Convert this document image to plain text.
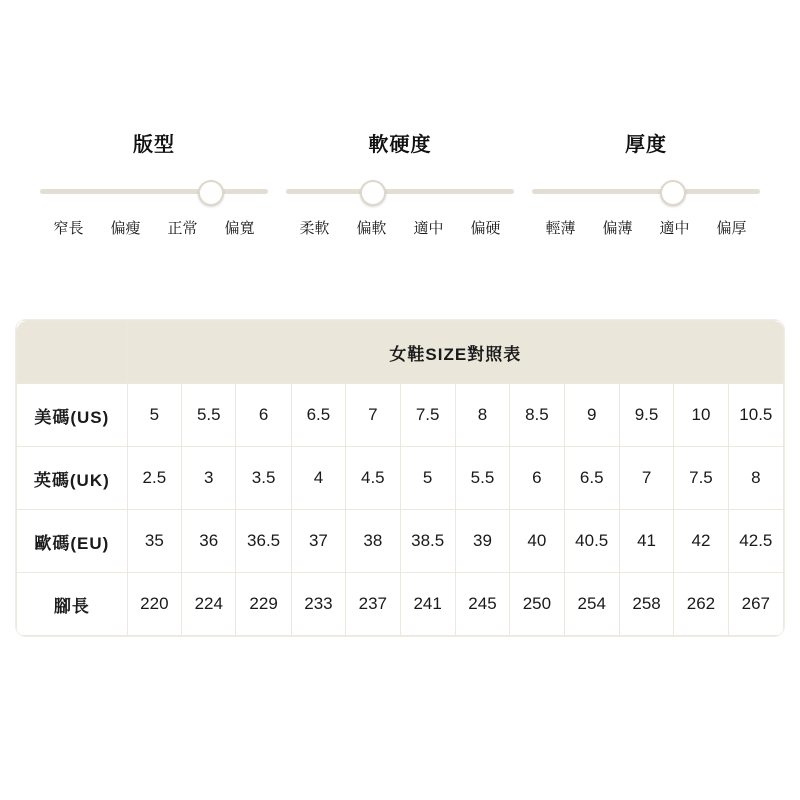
版型
窄長	偏瘦	正常	偏寬
軟硬度
柔軟	偏軟	適中	偏硬
厚度
輕薄	偏薄	適中	偏厚
	女鞋SIZE對照表											
美碼(US)	5	5.5	6	6.5	7	7.5	8	8.5	9	9.5	10	10.5
英碼(UK)	2.5	3	3.5	4	4.5	5	5.5	6	6.5	7	7.5	8
歐碼(EU)	35	36	36.5	37	38	38.5	39	40	40.5	41	42	42.5
腳長	220	224	229	233	237	241	245	250	254	258	262	267
